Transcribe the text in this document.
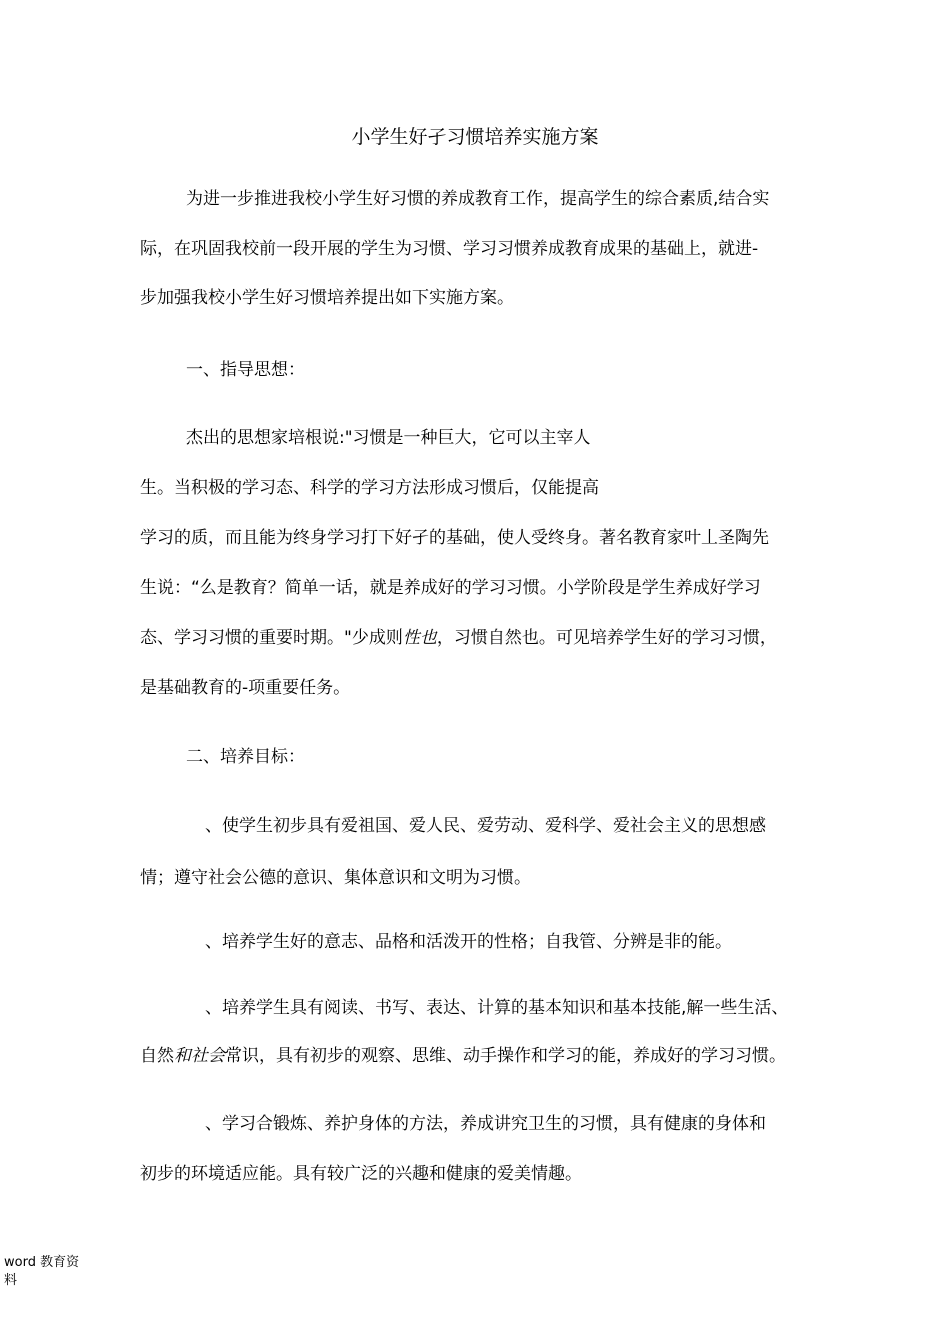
小学生好孑习惯培养实施方案
为进一步推进我校小学生好习惯的养成教育工作，提高学生的综合素质,结合实
际，在巩固我校前一段开展的学生为习惯、学习习惯养成教育成果的基础上，就进-
步加强我校小学生好习惯培养提出如下实施方案。
一、指导思想：
杰出的思想家培根说:"习惯是一种巨大，它可以主宰人
生。当积极的学习态、科学的学习方法形成习惯后，仅能提高
学习的质，而且能为终身学习打下好孑的基础，使人受终身。著名教育家叶丄圣陶先
生说：“么是教育？简单一话，就是养成好的学习习惯。小学阶段是学生养成好学习
态、学习习惯的重要时期。"少成则性也，习惯自然也。可见培养学生好的学习习惯，
是基础教育的-项重要任务。
二、培养目标：
、使学生初步具有爱祖国、爱人民、爱劳动、爱科学、爱社会主义的思想感
情；遵守社会公德的意识、集体意识和文明为习惯。
、培养学生好的意志、品格和活泼开的性格；自我管、分辨是非的能。
、培养学生具有阅读、书写、表达、计算的基本知识和基本技能,解一些生活、
自然和社会常识，具有初步的观察、思维、动手操作和学习的能，养成好的学习习惯。
、学习合锻炼、养护身体的方法，养成讲究卫生的习惯，具有健康的身体和
初步的环境适应能。具有较广泛的兴趣和健康的爱美情趣。
word 教育资
料
